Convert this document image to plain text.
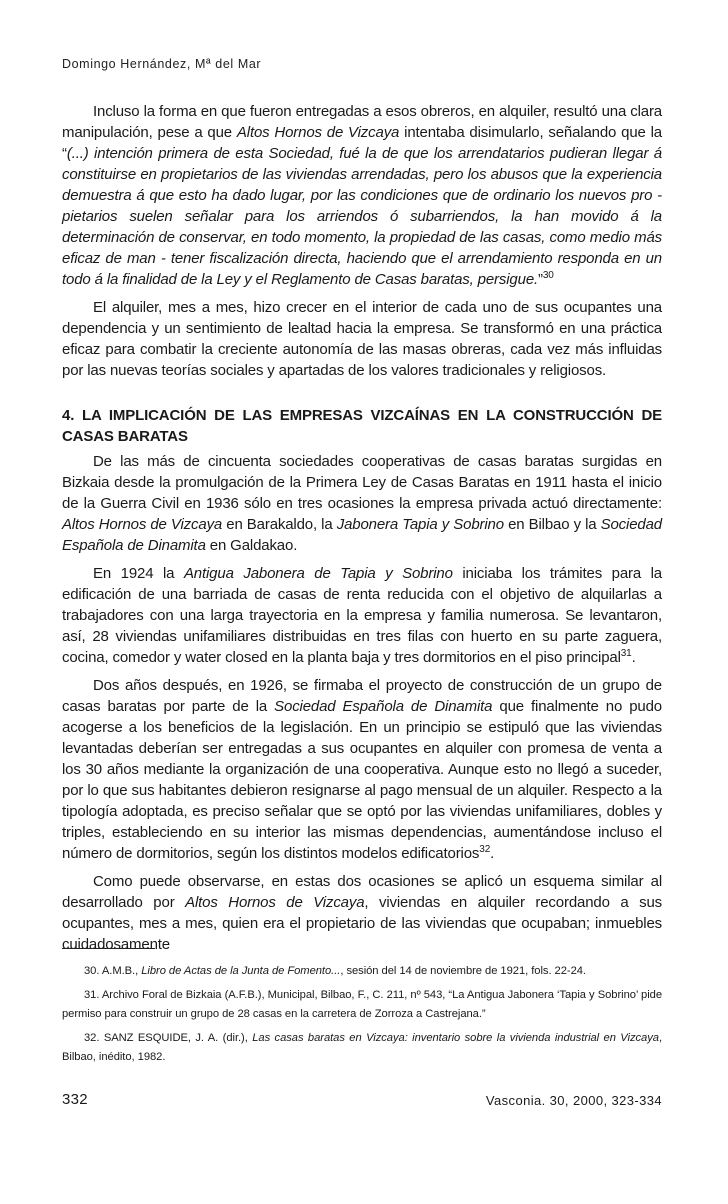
Domingo Hernández, Mª del Mar

Incluso la forma en que fueron entregadas a esos obreros, en alquiler, resultó una clara manipulación, pese a que Altos Hornos de Vizcaya intentaba disimularlo, señalando que la “(...) intención primera de esta Sociedad, fué la de que los arrendatarios pudieran llegar á constituirse en propietarios de las viviendas arrendadas, pero los abusos que la experiencia demuestra á que esto ha dado lugar, por las condiciones que de ordinario los nuevos pro - pietarios suelen señalar para los arriendos ó subarriendos, la han movido á la determinación de conservar, en todo momento, la propiedad de las casas, como medio más eficaz de man - tener fiscalización directa, haciendo que el arrendamiento responda en un todo á la finalidad de la Ley y el Reglamento de Casas baratas, persigue.”$^{30}$

El alquiler, mes a mes, hizo crecer en el interior de cada uno de sus ocupantes una dependencia y un sentimiento de lealtad hacia la empresa. Se transformó en una práctica eficaz para combatir la creciente autonomía de las masas obreras, cada vez más influidas por las nuevas teorías sociales y apartadas de los valores tradicionales y religiosos.

4. LA IMPLICACIÓN DE LAS EMPRESAS VIZCAÍNAS EN LA CONSTRUCCIÓN DE CASAS BARATAS

De las más de cincuenta sociedades cooperativas de casas baratas surgidas en Bizkaia desde la promulgación de la Primera Ley de Casas Baratas en 1911 hasta el inicio de la Guerra Civil en 1936 sólo en tres ocasiones la empresa privada actuó directamente: Altos Hornos de Vizcaya en Barakaldo, la Jabonera Tapia y Sobrino en Bilbao y la Sociedad Española de Dinamita en Galdakao.

En 1924 la Antigua Jabonera de Tapia y Sobrino iniciaba los trámites para la edificación de una barriada de casas de renta reducida con el objetivo de alquilarlas a trabajadores con una larga trayectoria en la empresa y familia numerosa. Se levantaron, así, 28 viviendas unifamiliares distribuidas en tres filas con huerto en su parte zaguera, cocina, comedor y water closed en la planta baja y tres dormitorios en el piso principal$^{31}$.

Dos años después, en 1926, se firmaba el proyecto de construcción de un grupo de casas baratas por parte de la Sociedad Española de Dinamita que finalmente no pudo acogerse a los beneficios de la legislación. En un principio se estipuló que las viviendas levantadas deberían ser entregadas a sus ocupantes en alquiler con promesa de venta a los 30 años mediante la organización de una cooperativa. Aunque esto no llegó a suceder, por lo que sus habitantes debieron resignarse al pago mensual de un alquiler. Respecto a la tipología adoptada, es preciso señalar que se optó por las viviendas unifamiliares, dobles y triples, estableciendo en su interior las mismas dependencias, aumentándose incluso el número de dormitorios, según los distintos modelos edificatorios$^{32}$.

Como puede observarse, en estas dos ocasiones se aplicó un esquema similar al desarrollado por Altos Hornos de Vizcaya, viviendas en alquiler recordando a sus ocupantes, mes a mes, quien era el propietario de las viviendas que ocupaban; inmuebles cuidadosamente

30. A.M.B., Libro de Actas de la Junta de Fomento..., sesión del 14 de noviembre de 1921, fols. 22-24.

31. Archivo Foral de Bizkaia (A.F.B.), Municipal, Bilbao, F., C. 211, nº 543, “La Antigua Jabonera ‘Tapia y Sobrino’ pide permiso para construir un grupo de 28 casas en la carretera de Zorroza a Castrejana.”

32. SANZ ESQUIDE, J. A. (dir.), Las casas baratas en Vizcaya: inventario sobre la vivienda industrial en Vizcaya, Bilbao, inédito, 1982.

332	Vasconia. 30, 2000, 323-334
